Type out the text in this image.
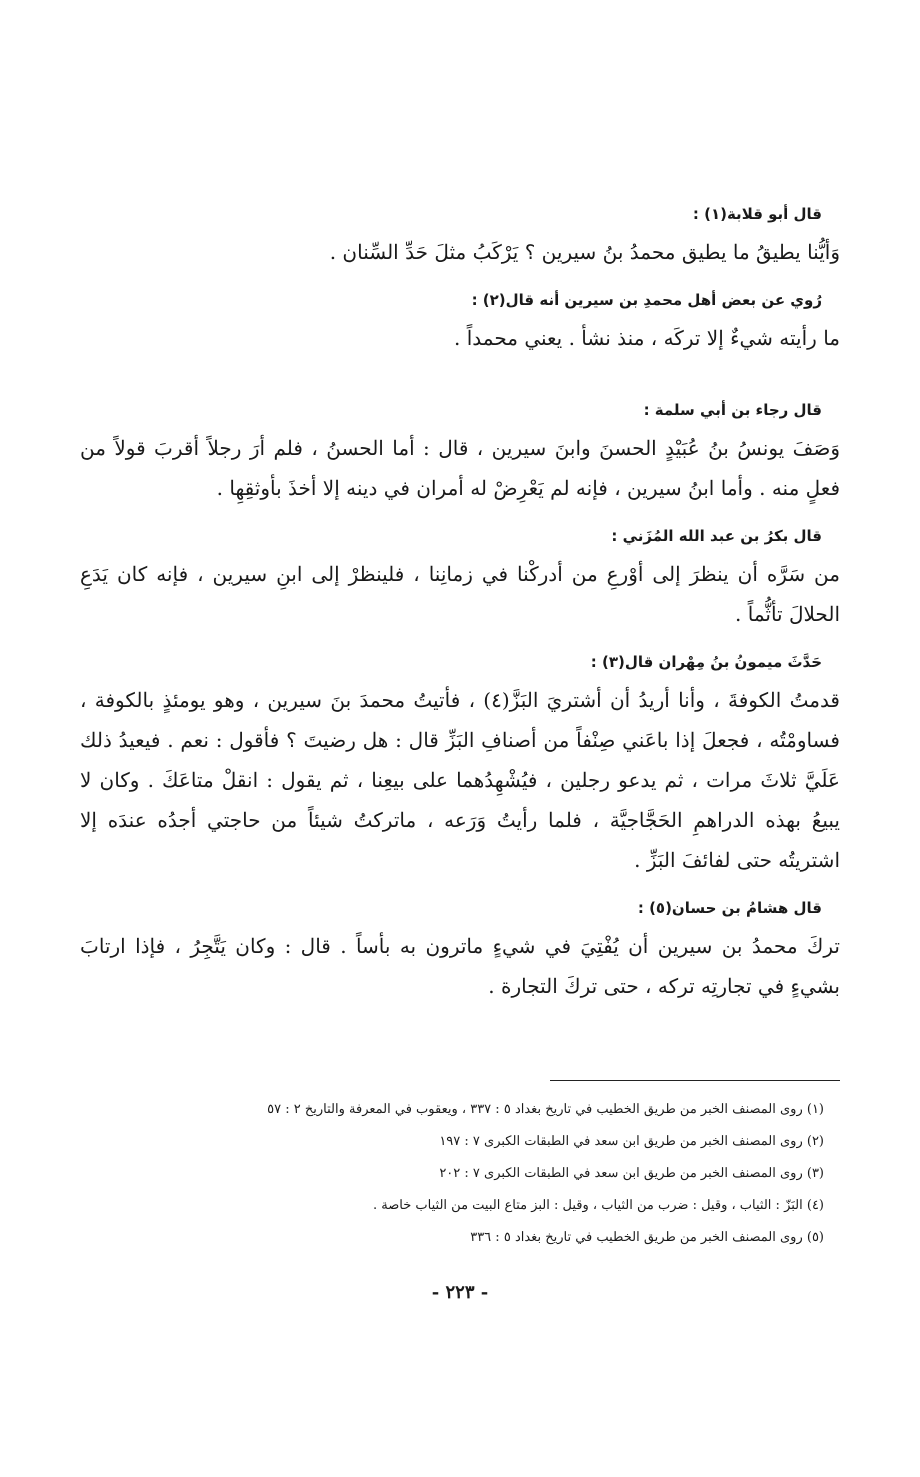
قال أبو قلابة(١) :

وَأيُّنا يطيقُ ما يطيق محمدُ بنُ سيرين ؟ يَرْكَبُ مثلَ حَدِّ السِّنان .

رُوي عن بعض أهل محمدِ بن سيرين أنه قال(٢) :

ما رأيته شيءٌ إلا تركَه ، منذ نشأ . يعني محمداً .

قال رجاء بن أبي سلمة :

وَصَفَ يونسُ بنُ عُبَيْدٍ الحسنَ وابنَ سيرين ، قال : أما الحسنُ ، فلم أرَ رجلاً أقربَ قولاً من فعلٍ منه . وأما ابنُ سيرين ، فإنه لم يَعْرِضْ له أمران في دينه إلا أخذَ بأوثقِهِا .

قال بكرُ بن عبد الله المُزَني :

من سَرَّه أن ينظرَ إلى أوْرعِ من أدركْنا في زمانِنا ، فلينظرْ إلى ابنِ سيرين ، فإنه كان يَدَعِ الحلالَ تأثُّماً .

حَدَّثَ ميمونُ بنُ مِهْران قال(٣) :

قدمتُ الكوفةَ ، وأنا أريدُ أن أشتريَ البَزَّ(٤) ، فأتيتُ محمدَ بنَ سيرين ، وهو يومئذٍ بالكوفة ، فساومْتُه ، فجعلَ إذا باعَني صِنْفاً من أصنافِ البَزِّ قال : هل رضيتَ ؟ فأقول : نعم . فيعيدُ ذلك عَلَيَّ ثلاثَ مرات ، ثم يدعو رجلين ، فيُشْهِدُهما على بيعِنا ، ثم يقول : انقلْ متاعَكَ . وكان لا يبيعُ بهذه الدراهمِ الحَجَّاجيَّة ، فلما رأيتُ وَرَعه ، ماتركتُ شيئاً من حاجتي أجدُه عندَه إلا اشتريتُه حتى لفائفَ البَزِّ .

قال هشامُ بن حسان(٥) :

تركَ محمدُ بن سيرين أن يُفْتِيَ في شيءٍ ماترون به بأساً . قال : وكان يَتَّجِرُ ، فإذا ارتابَ بشيءٍ في تجارتِه تركه ، حتى تركَ التجارة .

(١) روى المصنف الخبر من طريق الخطيب في تاريخ بغداد ٥ : ٣٣٧ ، ويعقوب في المعرفة والتاريخ ٢ : ٥٧

(٢) روى المصنف الخبر من طريق ابن سعد في الطبقات الكبرى ٧ : ١٩٧

(٣) روى المصنف الخبر من طريق ابن سعد في الطبقات الكبرى ٧ : ٢٠٢

(٤) البَزّ : الثياب ، وقيل : ضرب من الثياب ، وقيل : البز متاع البيت من الثياب خاصة .

(٥) روى المصنف الخبر من طريق الخطيب في تاريخ بغداد ٥ : ٣٣٦

- ٢٢٣ -
